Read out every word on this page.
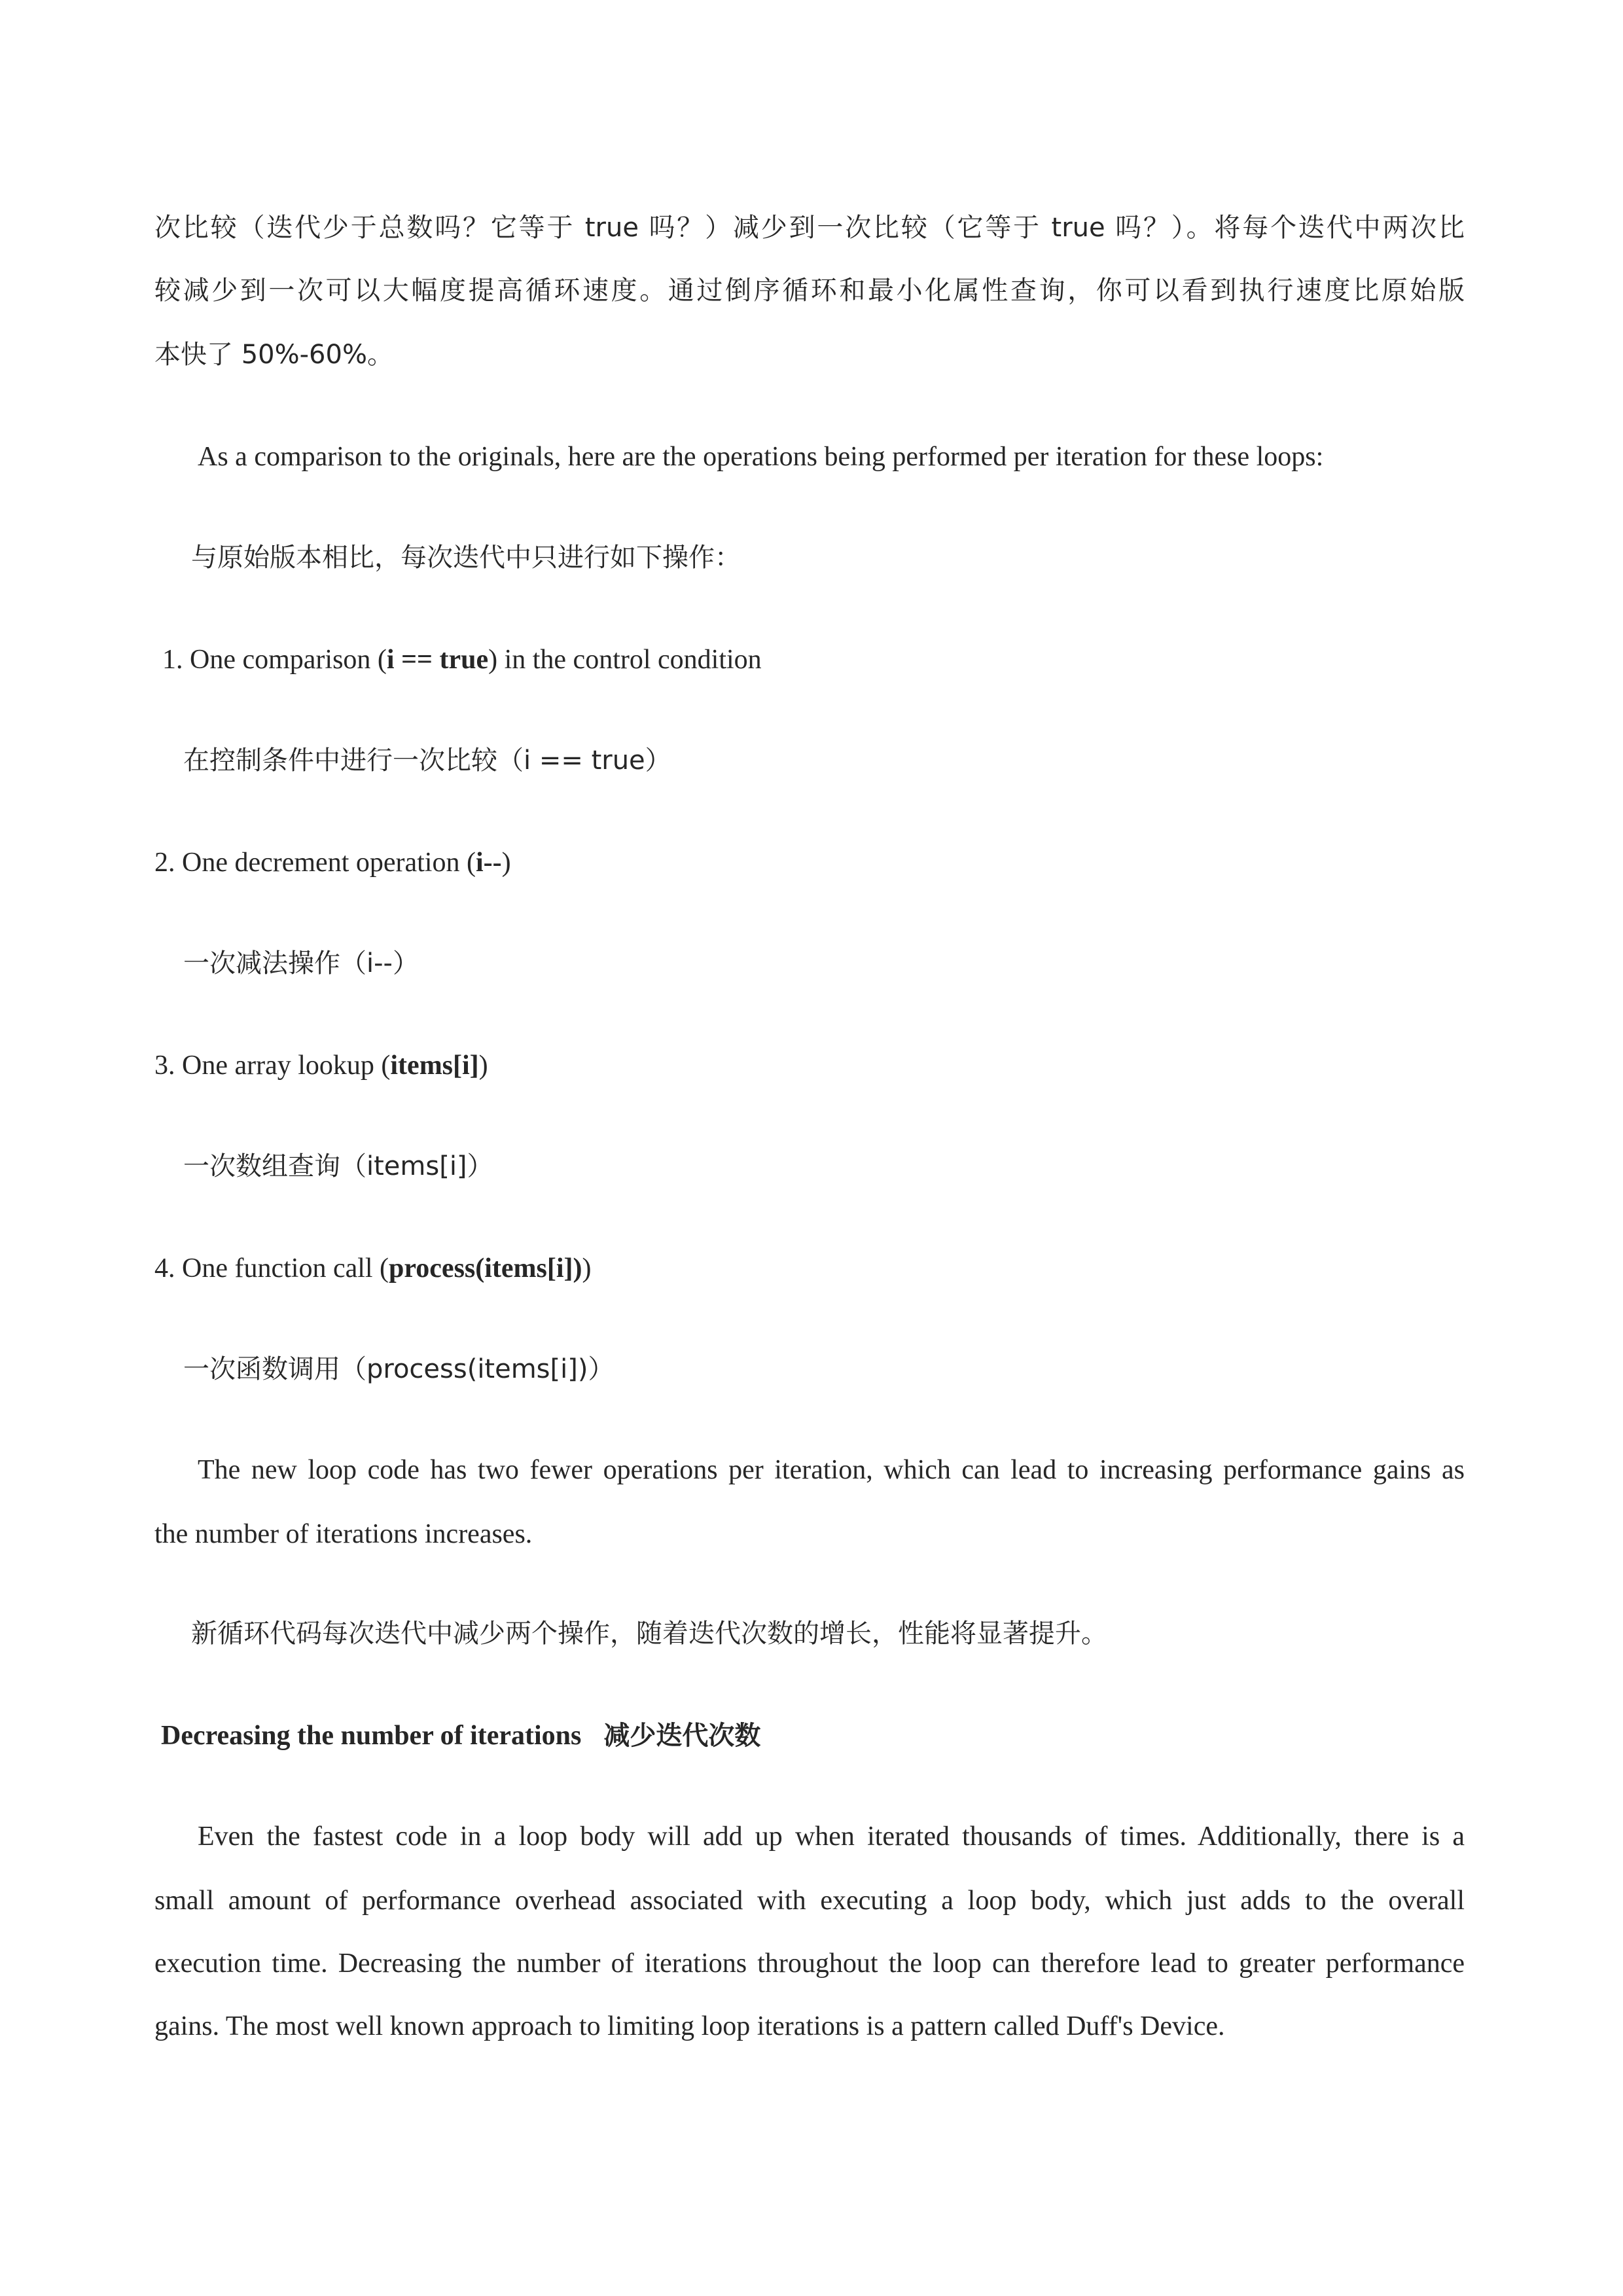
次比较（迭代少于总数吗？它等于 true 吗？）减少到一次比较（它等于 true 吗？）。将每个迭代中两次比
较减少到一次可以大幅度提高循环速度。通过倒序循环和最小化属性查询，你可以看到执行速度比原始版
本快了 50%-60%。
As a comparison to the originals, here are the operations being performed per iteration for these loops:
与原始版本相比，每次迭代中只进行如下操作：
1. One comparison (i == true) in the control condition
在控制条件中进行一次比较（i == true）
2. One decrement operation (i--)
一次减法操作（i--）
3. One array lookup (items[i])
一次数组查询（items[i]）
4. One function call (process(items[i]))
一次函数调用（process(items[i])）
The new loop code has two fewer operations per iteration, which can lead to increasing performance gains as
the number of iterations increases.
新循环代码每次迭代中减少两个操作，随着迭代次数的增长，性能将显著提升。
Decreasing the number of iterations 减少迭代次数
Even the fastest code in a loop body will add up when iterated thousands of times. Additionally, there is a
small amount of performance overhead associated with executing a loop body, which just adds to the overall
execution time. Decreasing the number of iterations throughout the loop can therefore lead to greater performance
gains. The most well known approach to limiting loop iterations is a pattern called Duff's Device.
